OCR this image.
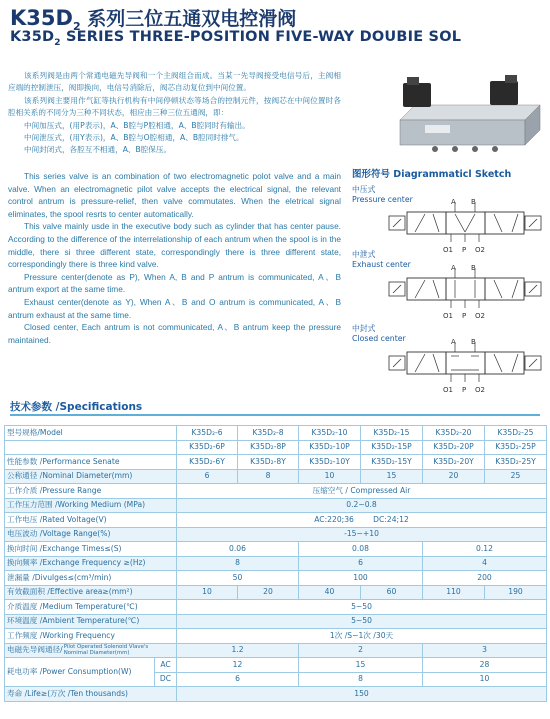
$K35D_2$ 系列三位五通双电控滑阀
$K35D_2$ SERIES THREE-POSITION FIVE-WAY DOUBIE SOL

该系列阀是由两个常通电磁先导阀和一个主阀组合而成。当某一先导阀接受电信号后，主阀相应端的控制泄压，阀即换向，电信号消除后，阀芯自动复位到中间位置。

该系列阀主要用作气缸等执行机构有中间停顿状态等场合的控制元件，按阀芯在中间位置时各腔相关系的不同分为三种不同状态，相应由三种三位五通阀，即：

中间加压式，(用P表示)，A、B腔与P腔相通，A、B腔同时有输出。

中间泄压式，(用Y表示)，A、B腔与O腔相通，A、B腔同时排气。

中间封闭式，各腔互不相通，A、B腔保压。

This series valve is an combination of two electromagnetic polot valve and a main valve. When an electromagnetic pilot valve accepts the electrical signal, the relevant control antrum is pressure-relief, then valve commutates. When the eletrical signal eliminates, the spool resrts to center automatically.

This valve mainly usde in the executive body such as cylinder that has center pause. According to the difference of the interrelationship of each antrum when the spool is in the middle, there si three different state, correspondingly there is three different state, correspondingly there is three kind valve.

Pressure center(denote as P), When A, B and P antrum is communicated, A、B antrum export at the same time.

Exhaust center(denote as Y), When A、B and O antrum is communicated, A、B antrum exhaust at the same time.

Closed center, Each antrum is not communicated, A、B antrum keep the pressure maintained.

图形符号 Diagrammaticl Sketch
中压式
Pressure center
中泄式
Exhaust center
中封式
Closed center
A B
O1 P O2
A B
O1 P O2
A B
O1 P O2
技术参数 /Specifications
型号规格/Model		K35D₂-6	K35D₂-8	K35D₂-10	K35D₂-15	K35D₂-20	K35D₂-25
		K35D₂-6P	K35D₂-8P	K35D₂-10P	K35D₂-15P	K35D₂-20P	K35D₂-25P
性能参数 /Performance Senate		K35D₂-6Y	K35D₂-8Y	K35D₂-10Y	K35D₂-15Y	K35D₂-20Y	K35D₂-25Y
公称通径 /Nominal Diameter(mm)		6	8	10	15	20	25
工作介质 /Pressure Range		压缩空气 / Compressed Air					
工作压力范围 /Working Medium (MPa)		0.2~0.8					
工作电压 /Rated Voltage(V)		AC:220;36        DC:24;12					
电压波动 /Voltage Range(%)		-15~+10					
换向时间 /Exchange Times≤(S)		0.06		0.08		0.12	
换向频率 /Exchange Frequency ≥(Hz)		8		6		4	
泄漏量 /Divulges≤(cm³/min)		50		100		200	
有效截面积 /Effective area≥(mm²)		10	20	40	60	110	190
介质温度 /Medium Temperature(℃)		5~50					
环境温度 /Ambient Temperature(℃)		5~50					
工作频度 /Working Frequency		1次 /S~1次 /30天					
电磁先导阀通径/Pilot Operated Solenoid Vlave's
Nomimal Diameter(mm)		1.2		2		3	
耗电功率 /Power Consumption(W)	AC	12		15		28	
	DC	6		8		10	
寿命 /Life≥(万次 /Ten thousands)		150					
